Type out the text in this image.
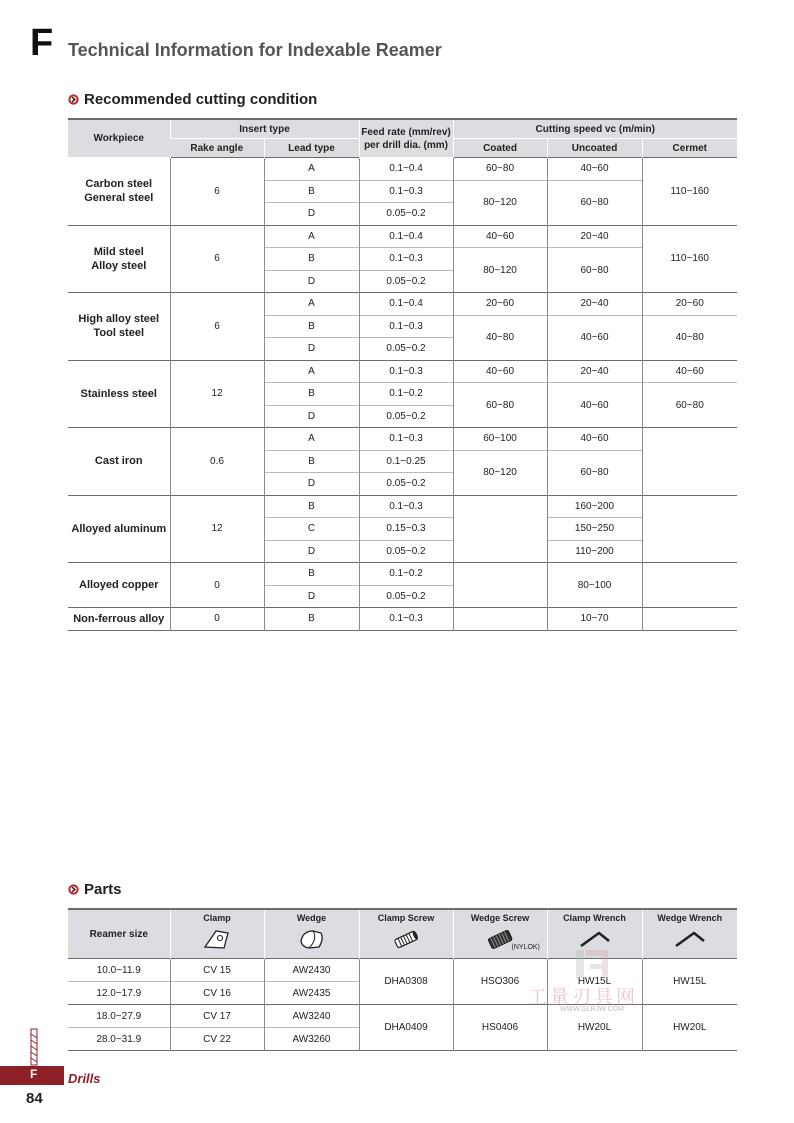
F Technical Information for Indexable Reamer
Recommended cutting condition
Workpiece	Insert type		Feed rate (mm/rev)
per drill dia. (mm)	Cutting speed vc (m/min)		
	Rake angle	Lead type		Coated	Uncoated	Cermet

Carbon steel
General steel	6	A	0.1~0.4	60~80	40~60	110~160
		B	0.1~0.3	80~120	60~80	
		D	0.05~0.2			

Mild steel
Alloy steel	6	A	0.1~0.4	40~60	20~40	110~160
		B	0.1~0.3	80~120	60~80	
		D	0.05~0.2			

High alloy steel
Tool steel	6	A	0.1~0.4	20~60	20~40	20~60
		B	0.1~0.3	40~80	40~60	40~80
		D	0.05~0.2			

Stainless steel	12	A	0.1~0.3	40~60	20~40	40~60
		B	0.1~0.2	60~80	40~60	60~80
		D	0.05~0.2			

Cast iron	0.6	A	0.1~0.3	60~100	40~60	
		B	0.1~0.25	80~120	60~80	
		D	0.05~0.2			

Alloyed aluminum	12	B	0.1~0.3		160~200	
		C	0.15~0.3		150~250	
		D	0.05~0.2		110~200	

Alloyed copper	0	B	0.1~0.2		80~100	
		D	0.05~0.2			

Non-ferrous alloy	0	B	0.1~0.3		10~70	
Parts
Reamer size	Clamp	Wedge	Clamp Screw	Wedge Screw
(NYLOK)	Clamp Wrench	Wedge Wrench

10.0~11.9	CV 15	AW2430	DHA0308	HSO306	HW15L	HW15L
12.0~17.9	CV 16	AW2435				
18.0~27.9	CV 17	AW3240	DHA0409	HS0406	HW20L	HW20L
28.0~31.9	CV 22	AW3260				
工量刃具网
WWW.GLRJW.COM
F Drills
84
